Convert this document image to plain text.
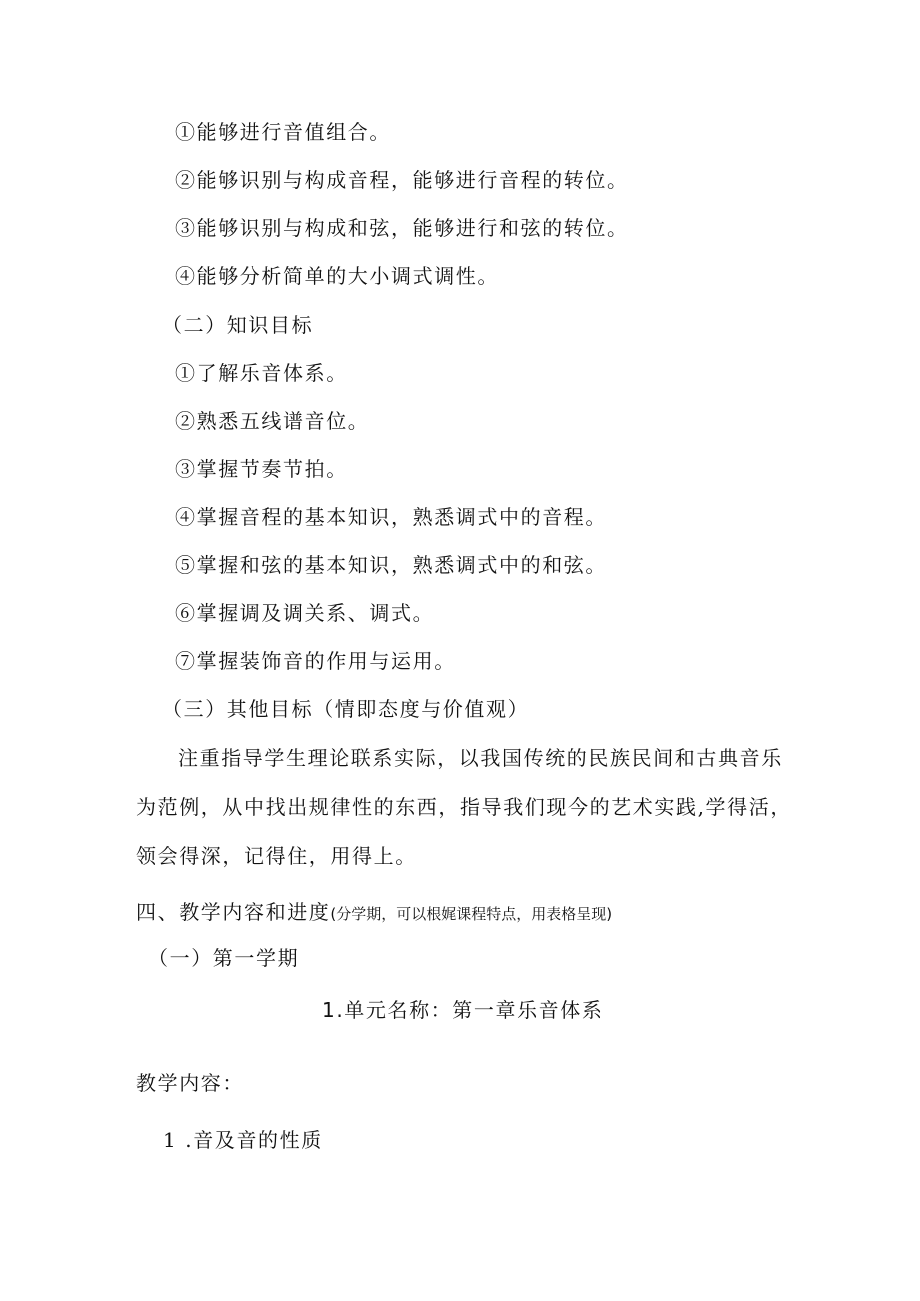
①能够进行音值组合。
②能够识别与构成音程，能够进行音程的转位。
③能够识别与构成和弦，能够进行和弦的转位。
④能够分析简单的大小调式调性。
（二）知识目标
①了解乐音体系。
②熟悉五线谱音位。
③掌握节奏节拍。
④掌握音程的基本知识，熟悉调式中的音程。
⑤掌握和弦的基本知识，熟悉调式中的和弦。
⑥掌握调及调关系、调式。
⑦掌握装饰音的作用与运用。
（三）其他目标（情即态度与价值观）
注重指导学生理论联系实际，以我国传统的民族民间和古典音乐
为范例，从中找出规律性的东西，指导我们现今的艺术实践,学得活，
领会得深，记得住，用得上。
四、教学内容和进度(分学期，可以根娓课程特点，用表格呈现)
（一）第一学期
1.单元名称：第一章乐音体系
教学内容：
1 .音及音的性质
